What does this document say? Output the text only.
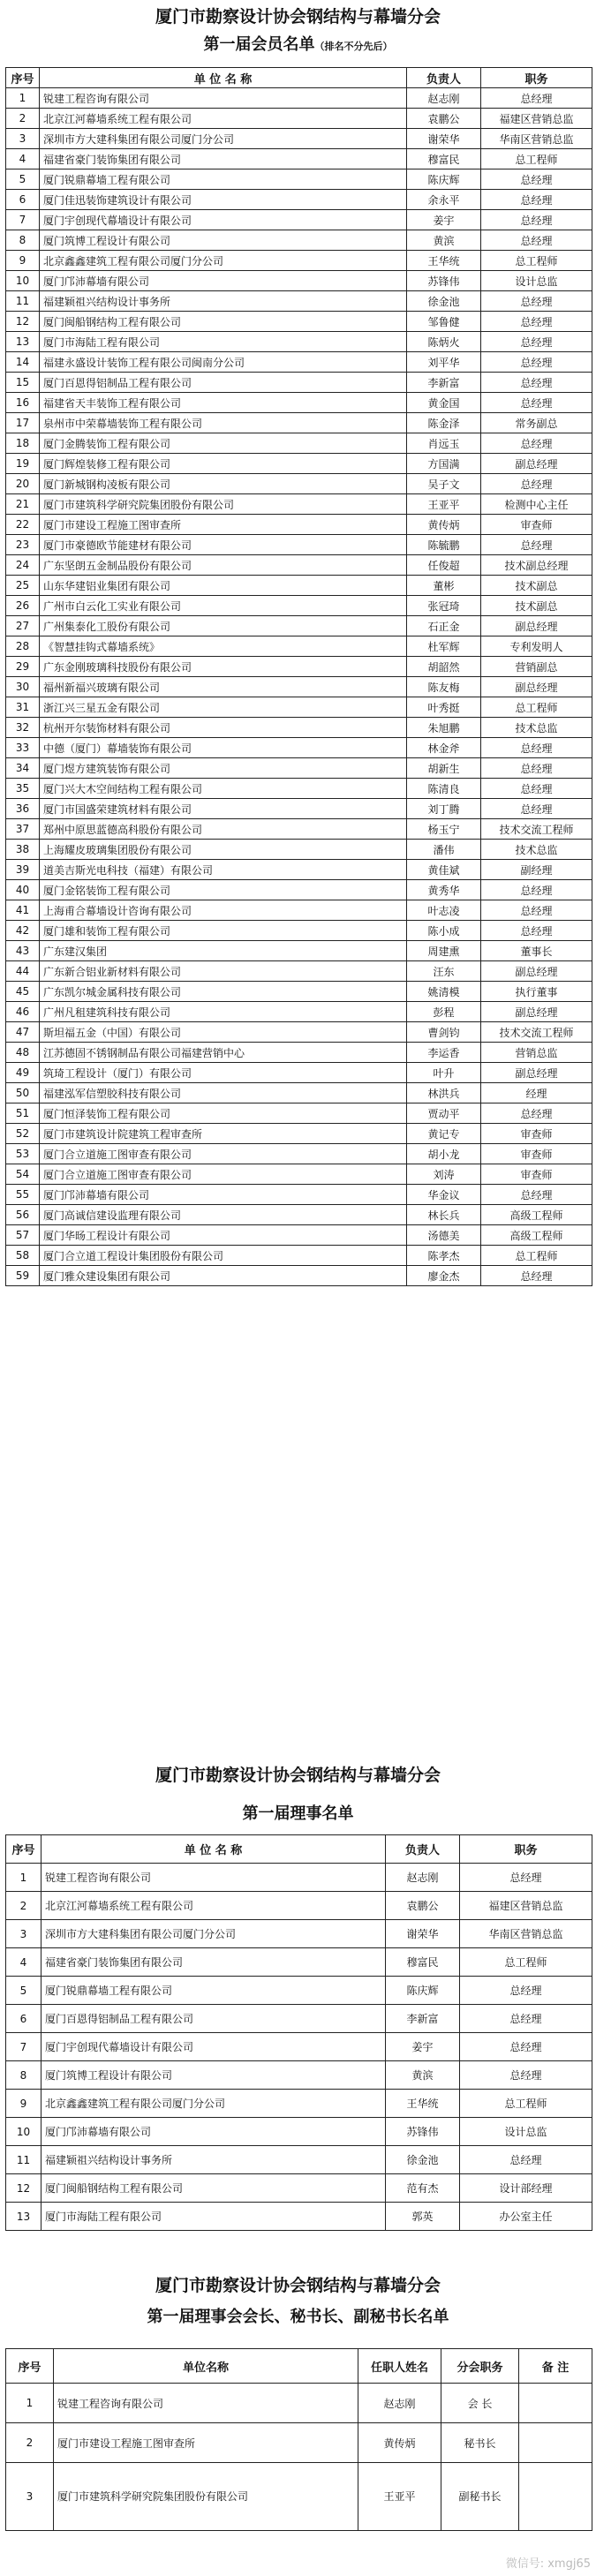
厦门市勘察设计协会钢结构与幕墙分会
第一届会员名单（排名不分先后）
序号	单 位 名 称	负责人	职务
1	锐建工程咨询有限公司	赵志刚	总经理
2	北京江河幕墙系统工程有限公司	袁鹏公	福建区营销总监
3	深圳市方大建科集团有限公司厦门分公司	谢荣华	华南区营销总监
4	福建省豪门装饰集团有限公司	穆富民	总工程师
5	厦门锐鼎幕墙工程有限公司	陈庆辉	总经理
6	厦门佳迅装饰建筑设计有限公司	余永平	总经理
7	厦门宇创现代幕墙设计有限公司	姜宇	总经理
8	厦门筑博工程设计有限公司	黄滨	总经理
9	北京鑫鑫建筑工程有限公司厦门分公司	王华统	总工程师
10	厦门邝沛幕墙有限公司	苏锋伟	设计总监
11	福建颖祖兴结构设计事务所	徐金池	总经理
12	厦门闽船钢结构工程有限公司	邹鲁健	总经理
13	厦门市海陆工程有限公司	陈炳火	总经理
14	福建永盛设计装饰工程有限公司闽南分公司	刘平华	总经理
15	厦门百恩得铝制品工程有限公司	李新富	总经理
16	福建省天丰装饰工程有限公司	黄金国	总经理
17	泉州市中荣幕墙装饰工程有限公司	陈金泽	常务副总
18	厦门金腾装饰工程有限公司	肖远玉	总经理
19	厦门辉煌装修工程有限公司	方国满	副总经理
20	厦门新城钢构凌板有限公司	吴子文	总经理
21	厦门市建筑科学研究院集团股份有限公司	王亚平	检测中心主任
22	厦门市建设工程施工图审查所	黄传炳	审查师
23	厦门市豪德欧节能建材有限公司	陈毓鹏	总经理
24	广东坚朗五金制品股份有限公司	任俊超	技术副总经理
25	山东华建铝业集团有限公司	董彬	技术副总
26	广州市白云化工实业有限公司	张冠琦	技术副总
27	广州集泰化工股份有限公司	石正金	副总经理
28	《智慧挂钩式幕墙系统》	杜军辉	专利发明人
29	广东金刚玻璃科技股份有限公司	胡韶然	营销副总
30	福州新福兴玻璃有限公司	陈友梅	副总经理
31	浙江兴三星五金有限公司	叶秀挺	总工程师
32	杭州开尔装饰材料有限公司	朱旭鹏	技术总监
33	中德（厦门）幕墙装饰有限公司	林金斧	总经理
34	厦门煜方建筑装饰有限公司	胡新生	总经理
35	厦门兴大木空间结构工程有限公司	陈清良	总经理
36	厦门市国盛荣建筑材料有限公司	刘丁腾	总经理
37	郑州中原思蓝德高科股份有限公司	杨玉宁	技术交流工程师
38	上海耀皮玻璃集团股份有限公司	潘伟	技术总监
39	道美吉斯光电科技（福建）有限公司	黄佳斌	副经理
40	厦门金铭装饰工程有限公司	黄秀华	总经理
41	上海甫合幕墙设计咨询有限公司	叶志凌	总经理
42	厦门雄和装饰工程有限公司	陈小成	总经理
43	广东建汉集团	周建熏	董事长
44	广东新合铝业新材料有限公司	汪东	副总经理
45	广东凯尔城金属科技有限公司	姚清模	执行董事
46	广州凡租建筑科技有限公司	彭程	副总经理
47	斯坦福五金（中国）有限公司	曹剑钧	技术交流工程师
48	江苏德固不锈钢制品有限公司福建营销中心	李运香	营销总监
49	筑琦工程设计（厦门）有限公司	叶升	副总经理
50	福建泓军信塑胶科技有限公司	林洪兵	经理
51	厦门恒泽装饰工程有限公司	贾动平	总经理
52	厦门市建筑设计院建筑工程审查所	黄记专	审查师
53	厦门合立道施工图审查有限公司	胡小龙	审查师
54	厦门合立道施工图审查有限公司	刘涛	审查师
55	厦门邝沛幕墙有限公司	华金议	总经理
56	厦门高诚信建设监理有限公司	林长兵	高级工程师
57	厦门华旸工程设计有限公司	汤德美	高级工程师
58	厦门合立道工程设计集团股份有限公司	陈孝杰	总工程师
59	厦门雅众建设集团有限公司	廖金杰	总经理
厦门市勘察设计协会钢结构与幕墙分会
第一届理事名单
序号	单 位 名 称	负责人	职务
1	锐建工程咨询有限公司	赵志刚	总经理
2	北京江河幕墙系统工程有限公司	袁鹏公	福建区营销总监
3	深圳市方大建科集团有限公司厦门分公司	谢荣华	华南区营销总监
4	福建省豪门装饰集团有限公司	穆富民	总工程师
5	厦门锐鼎幕墙工程有限公司	陈庆辉	总经理
6	厦门百恩得铝制品工程有限公司	李新富	总经理
7	厦门宇创现代幕墙设计有限公司	姜宇	总经理
8	厦门筑博工程设计有限公司	黄滨	总经理
9	北京鑫鑫建筑工程有限公司厦门分公司	王华统	总工程师
10	厦门邝沛幕墙有限公司	苏锋伟	设计总监
11	福建颖祖兴结构设计事务所	徐金池	总经理
12	厦门闽船钢结构工程有限公司	范有杰	设计部经理
13	厦门市海陆工程有限公司	郭英	办公室主任
厦门市勘察设计协会钢结构与幕墙分会
第一届理事会会长、秘书长、副秘书长名单
序号	单位名称	任职人姓名	分会职务	备 注
1	锐建工程咨询有限公司	赵志刚	会 长	
2	厦门市建设工程施工图审查所	黄传炳	秘书长	
3	厦门市建筑科学研究院集团股份有限公司	王亚平	副秘书长	
微信号: xmgj65
